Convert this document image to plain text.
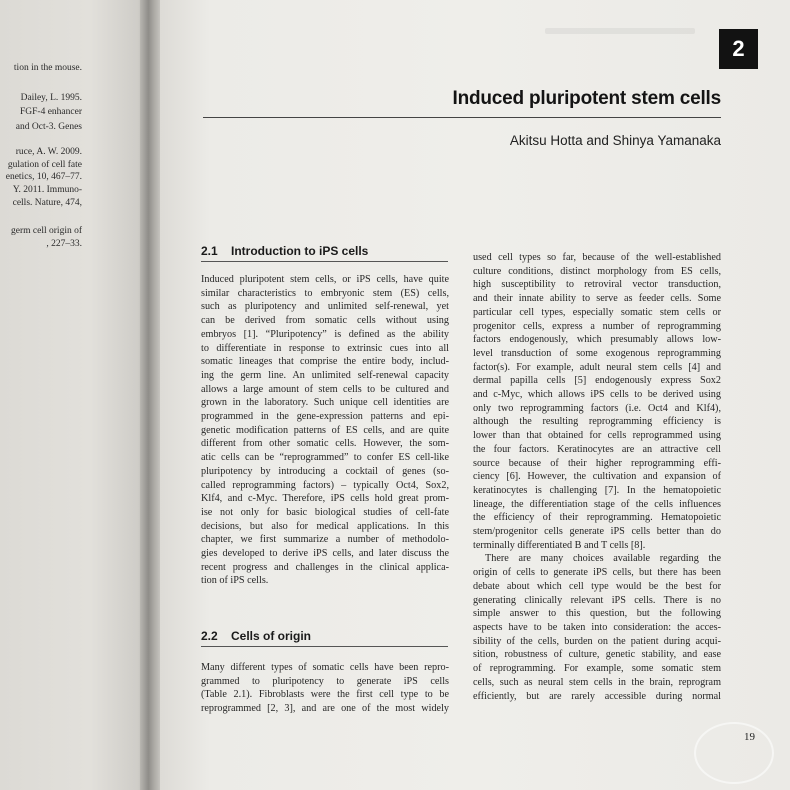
tion in the mouse.
Dailey, L. 1995.
FGF-4 enhancer
and Oct-3. Genes
ruce, A. W. 2009.
gulation of cell fate
enetics, 10, 467–77.
Y. 2011. Immuno-
cells. Nature, 474,
germ cell origin of
, 227–33.
2
Induced pluripotent stem cells
Akitsu Hotta and Shinya Yamanaka
2.1 Introduction to iPS cells

Induced pluripotent stem cells, or iPS cells, have quite
similar characteristics to embryonic stem (ES) cells,
such as pluripotency and unlimited self-renewal, yet
can be derived from somatic cells without using
embryos [1]. “Pluripotency” is defined as the ability
to differentiate in response to extrinsic cues into all
somatic lineages that comprise the entire body, includ-
ing the germ line. An unlimited self-renewal capacity
allows a large amount of stem cells to be cultured and
grown in the laboratory. Such unique cell identities are
programmed in the gene-expression patterns and epi-
genetic modification patterns of ES cells, and are quite
different from other somatic cells. However, the som-
atic cells can be “reprogrammed” to confer ES cell-like
pluripotency by introducing a cocktail of genes (so-
called reprogramming factors) – typically Oct4, Sox2,
Klf4, and c-Myc. Therefore, iPS cells hold great prom-
ise not only for basic biological studies of cell-fate
decisions, but also for medical applications. In this
chapter, we first summarize a number of methodolo-
gies developed to derive iPS cells, and later discuss the
recent progress and challenges in the clinical applica-
tion of iPS cells.

2.2 Cells of origin

Many different types of somatic cells have been repro-
grammed to pluripotency to generate iPS cells
(Table 2.1). Fibroblasts were the first cell type to be
reprogrammed [2, 3], and are one of the most widely

used cell types so far, because of the well-established
culture conditions, distinct morphology from ES cells,
high susceptibility to retroviral vector transduction,
and their innate ability to serve as feeder cells. Some
particular cell types, especially somatic stem cells or
progenitor cells, express a number of reprogramming
factors endogenously, which presumably allows low-
level transduction of some exogenous reprogramming
factor(s). For example, adult neural stem cells [4] and
dermal papilla cells [5] endogenously express Sox2
and c-Myc, which allows iPS cells to be derived using
only two reprogramming factors (i.e. Oct4 and Klf4),
although the resulting reprogramming efficiency is
lower than that obtained for cells reprogrammed using
the four factors. Keratinocytes are an attractive cell
source because of their higher reprogramming effi-
ciency [6]. However, the cultivation and expansion of
keratinocytes is challenging [7]. In the hematopoietic
lineage, the differentiation stage of the cells influences
the efficiency of their reprogramming. Hematopoietic
stem/progenitor cells generate iPS cells better than do
terminally differentiated B and T cells [8].

There are many choices available regarding the
origin of cells to generate iPS cells, but there has been
debate about which cell type would be the best for
generating clinically relevant iPS cells. There is no
simple answer to this question, but the following
aspects have to be taken into consideration: the acces-
sibility of the cells, burden on the patient during acqui-
sition, robustness of culture, genetic stability, and ease
of reprogramming. For example, some somatic stem
cells, such as neural stem cells in the brain, reprogram
efficiently, but are rarely accessible during normal

19
